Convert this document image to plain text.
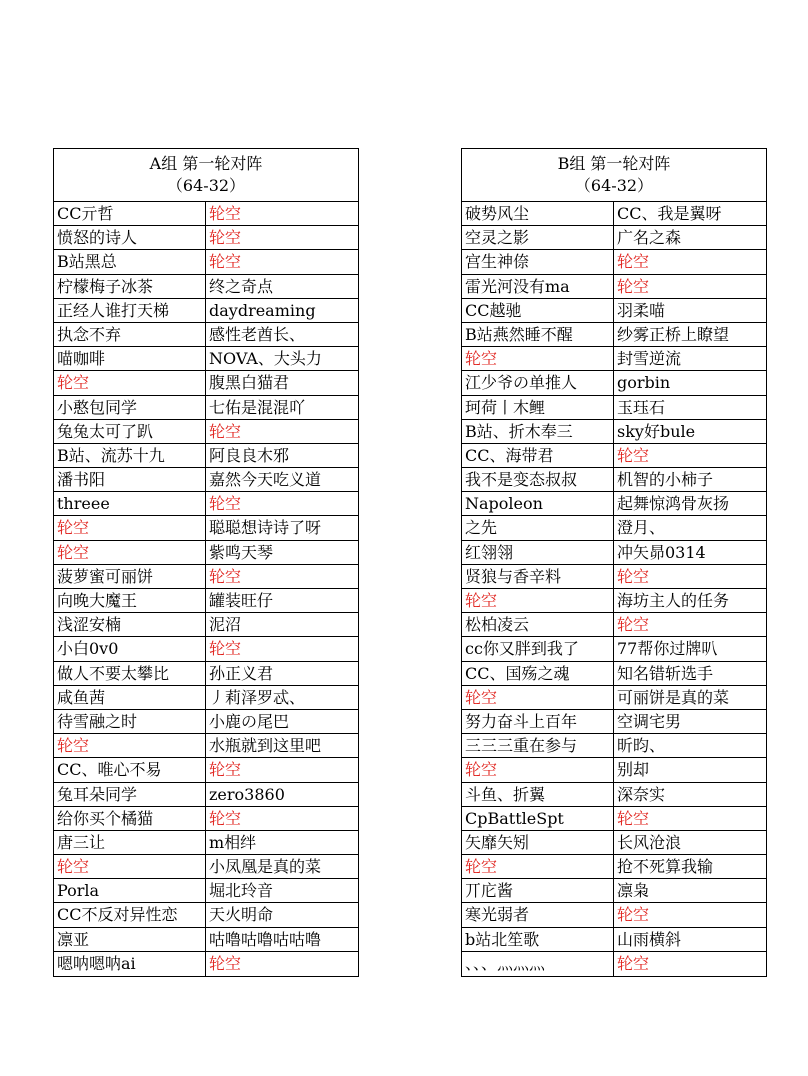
A组 第一轮对阵
（64-32）
CC亓哲	轮空
愤怒的诗人	轮空
B站黑总	轮空
柠檬梅子冰茶	终之奇点
正经人谁打天梯	daydreaming
执念不弃	感性老酋长、
喵咖啡	NOVA、大头力
轮空	腹黑白猫君
小憨包同学	七佑是混混吖
兔兔太可了趴	轮空
B站、流苏十九	阿良良木邪
潘书阳	嘉然今天吃义道
threee	轮空
轮空	聪聪想诗诗了呀
轮空	紫鸣天琴
菠萝蜜可丽饼	轮空
向晚大魔王	罐装旺仔
浅涩安楠	泥沼
小白0v0	轮空
做人不要太攀比	孙正义君
咸鱼茜	丿莉泽罗忒、
待雪融之时	小鹿の尾巴
轮空	水瓶就到这里吧
CC、唯心不易	轮空
兔耳朵同学	zero3860
给你买个橘猫	轮空
唐三让	m相绊
轮空	小凤凰是真的菜
Porla	堀北玲音
CC不反对异性恋	天火明命
凛亚	咕噜咕噜咕咕噜
嗯呐嗯呐ai	轮空
B组 第一轮对阵
（64-32）
破势风尘	CC、我是翼呀
空灵之影	广名之森
宫生神倷	轮空
雷光河没有ma	轮空
CC越驰	羽柔喵
B站燕然睡不醒	纱雾正桥上瞭望
轮空	封雪逆流
江少爷の单推人	gorbin
珂荷丨木鲤	玉珏石
B站、折木奉三	sky好bule
CC、海带君	轮空
我不是变态叔叔	机智的小柿子
Napoleon	起舞惊鸿骨灰扬
之先	澄月、
红翎翎	冲矢昴0314
贤狼与香辛料	轮空
轮空	海坊主人的任务
松柏凌云	轮空
cc你又胖到我了	77帮你过牌叭
CC、国殇之魂	知名错斩选手
轮空	可丽饼是真的菜
努力奋斗上百年	空调宅男
三三三重在参与	昕昀、
轮空	别却
斗鱼、折翼	深奈实
CpBattleSpt	轮空
矢靡矢矧	长风沧浪
轮空	抢不死算我输
丌庀酱	凛枭
寒光弱者	轮空
b站北笙歌	山雨横斜
、、、灬灬灬	轮空
